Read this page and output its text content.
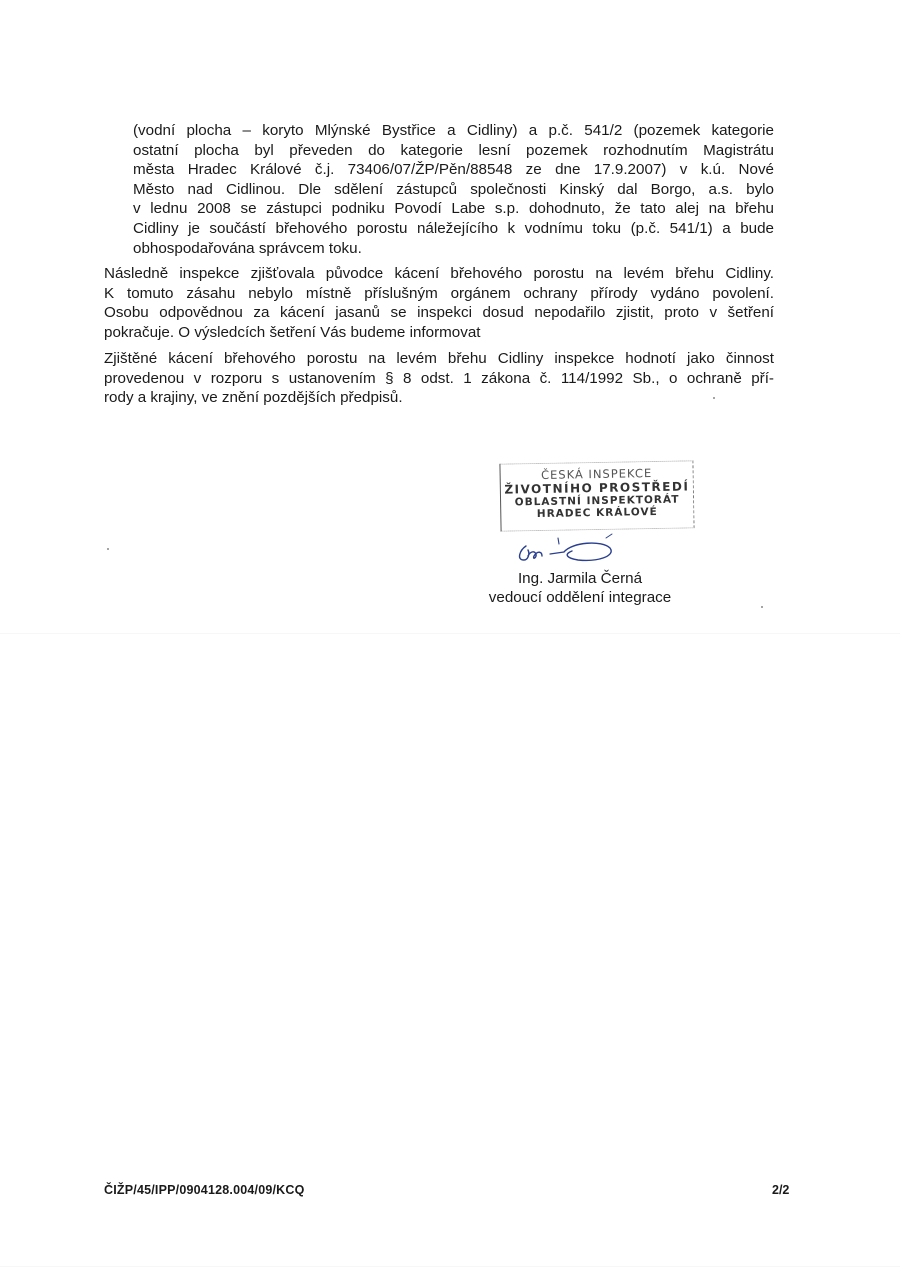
(vodní plocha – koryto Mlýnské Bystřice a Cidliny) a p.č. 541/2 (pozemek kategorie
ostatní plocha byl převeden do kategorie lesní pozemek rozhodnutím Magistrátu
města Hradec Králové č.j. 73406/07/ŽP/Pěn/88548 ze dne 17.9.2007) v k.ú. Nové
Město nad Cidlinou. Dle sdělení zástupců společnosti Kinský dal Borgo, a.s. bylo
v lednu 2008 se zástupci podniku Povodí Labe s.p. dohodnuto, že tato alej na břehu
Cidliny je součástí břehového porostu náležejícího k vodnímu toku (p.č. 541/1) a bude
obhospodařována správcem toku.

Následně inspekce zjišťovala původce kácení břehového porostu na levém břehu Cidliny.
K tomuto zásahu nebylo místně příslušným orgánem ochrany přírody vydáno povolení.
Osobu odpovědnou za kácení jasanů se inspekci dosud nepodařilo zjistit, proto v šetření
pokračuje. O výsledcích šetření Vás budeme informovat

Zjištěné kácení břehového porostu na levém břehu Cidliny inspekce hodnotí jako činnost
provedenou v rozporu s ustanovením § 8 odst. 1 zákona č. 114/1992 Sb., o ochraně pří-
rody a krajiny, ve znění pozdějších předpisů.

ČESKÁ INSPEKCE
ŽIVOTNÍHO PROSTŘEDÍ
OBLASTNÍ INSPEKTORÁT
HRADEC KRÁLOVÉ
Ing. Jarmila Černá
vedoucí oddělení integrace
ČIŽP/45/IPP/0904128.004/09/KCQ	2/2
